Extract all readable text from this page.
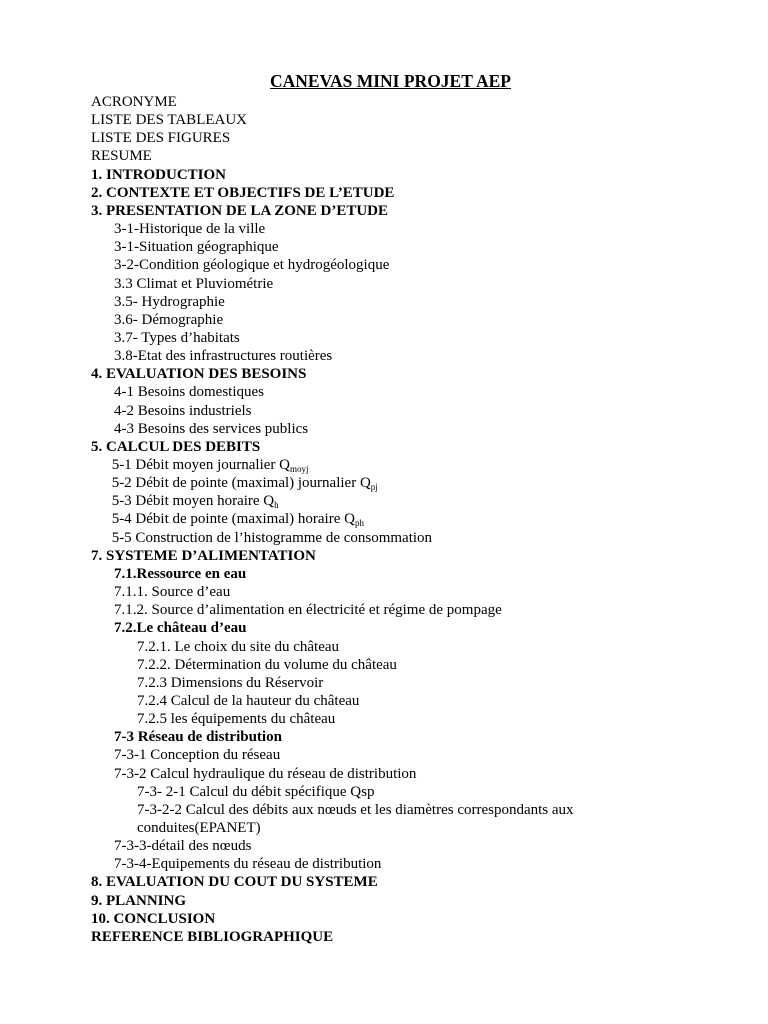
CANEVAS MINI PROJET AEP
ACRONYME
LISTE DES TABLEAUX
LISTE DES FIGURES
RESUME
1. INTRODUCTION
2. CONTEXTE ET OBJECTIFS DE L’ETUDE
3. PRESENTATION DE LA ZONE D’ETUDE
3-1-Historique de la ville
3-1-Situation géographique
3-2-Condition géologique et hydrogéologique
3.3 Climat et Pluviométrie
3.5- Hydrographie
3.6- Démographie
3.7- Types d’habitats
3.8-Etat des infrastructures routières
4. EVALUATION DES BESOINS
4-1 Besoins domestiques
4-2 Besoins industriels
4-3 Besoins des services publics
5. CALCUL DES DEBITS
5-1 Débit moyen journalier $Q_{moyj}$
5-2 Débit de pointe (maximal) journalier $Q_{pj}$
5-3 Débit moyen horaire $Q_h$
5-4 Débit de pointe (maximal) horaire $Q_{ph}$
5-5 Construction de l’histogramme de consommation
7. SYSTEME D’ALIMENTATION
7.1.Ressource en eau
7.1.1. Source d’eau
7.1.2. Source d’alimentation en électricité et régime de pompage
7.2.Le château d’eau
7.2.1. Le choix du site du château
7.2.2. Détermination du volume du château
7.2.3 Dimensions du Réservoir
7.2.4 Calcul de la hauteur du château
7.2.5 les équipements du château
7-3 Réseau de distribution
7-3-1 Conception du réseau
7-3-2 Calcul hydraulique du réseau de distribution
7-3- 2-1 Calcul du débit spécifique Qsp
7-3-2-2 Calcul des débits aux nœuds et les diamètres correspondants aux
conduites(EPANET)
7-3-3-détail des nœuds
7-3-4-Equipements du réseau de distribution
8. EVALUATION DU COUT DU SYSTEME
9. PLANNING
10. CONCLUSION
REFERENCE BIBLIOGRAPHIQUE
